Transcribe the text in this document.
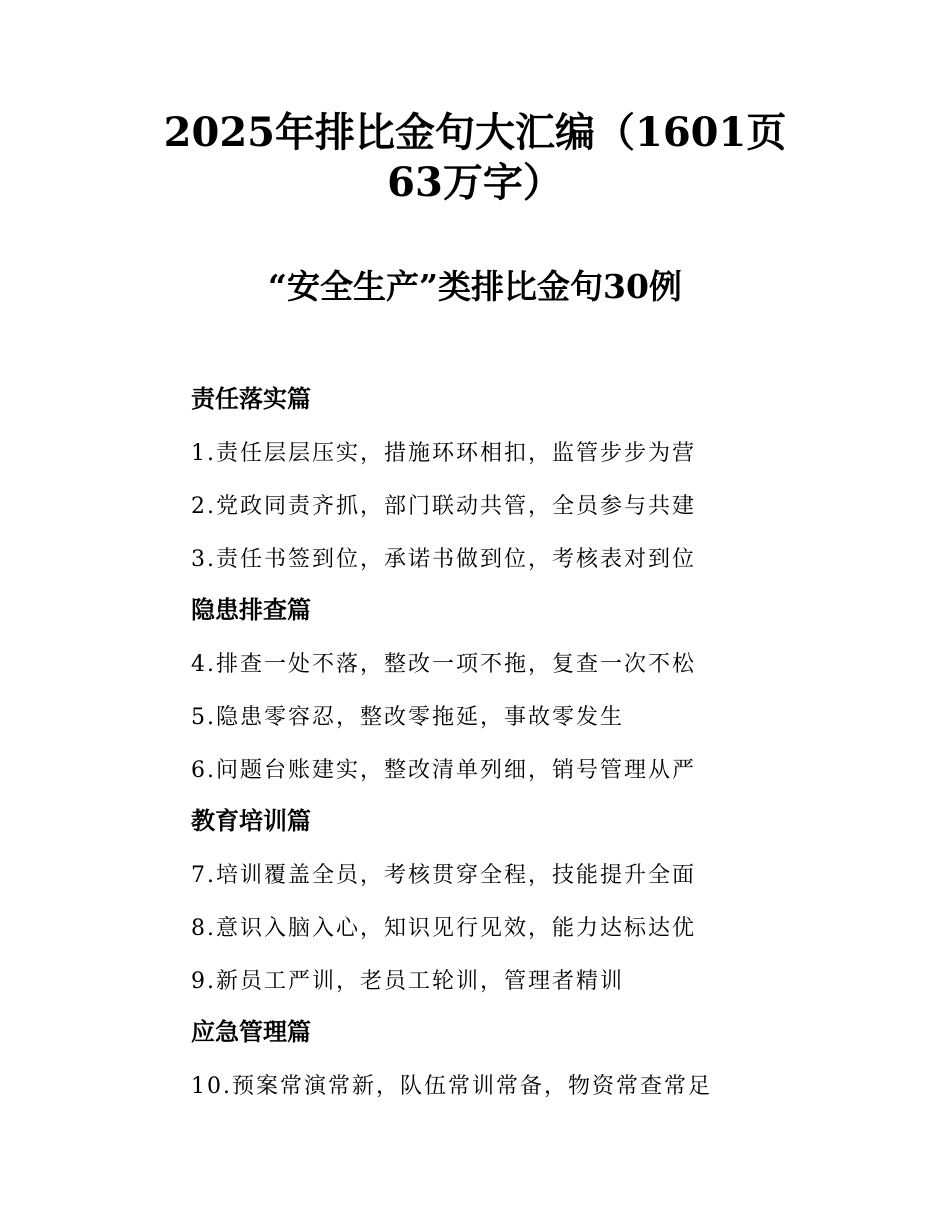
2025年排比金句大汇编（1601页63万字）
“安全生产”类排比金句30例

责任落实篇

1.责任层层压实，措施环环相扣，监管步步为营

2.党政同责齐抓，部门联动共管，全员参与共建

3.责任书签到位，承诺书做到位，考核表对到位

隐患排查篇

4.排查一处不落，整改一项不拖，复查一次不松

5.隐患零容忍，整改零拖延，事故零发生

6.问题台账建实，整改清单列细，销号管理从严

教育培训篇

7.培训覆盖全员，考核贯穿全程，技能提升全面

8.意识入脑入心，知识见行见效，能力达标达优

9.新员工严训，老员工轮训，管理者精训

应急管理篇

10.预案常演常新，队伍常训常备，物资常查常足
